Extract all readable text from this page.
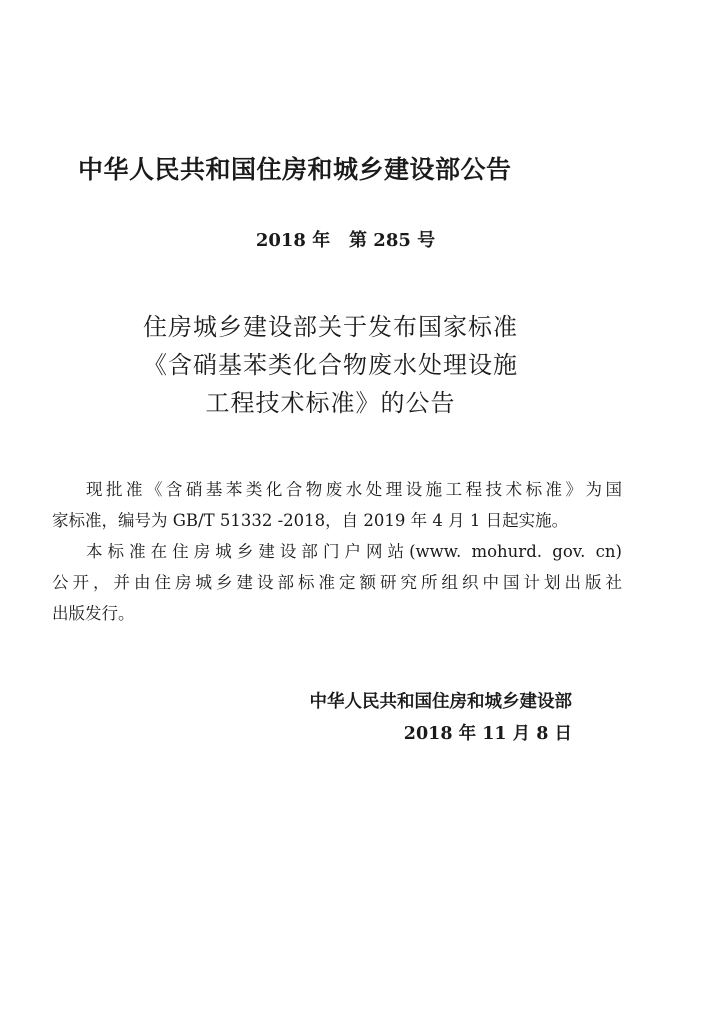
中华人民共和国住房和城乡建设部公告
2018 年   第 285 号
住房城乡建设部关于发布国家标准
《含硝基苯类化合物废水处理设施
工程技术标准》的公告
现批准《含硝基苯类化合物废水处理设施工程技术标准》为国
家标准，编号为 GB/T 51332 -2018，自 2019 年 4 月 1 日起实施。
本标准在住房城乡建设部门户网站(www. mohurd. gov. cn)
公开，并由住房城乡建设部标准定额研究所组织中国计划出版社
出版发行。
中华人民共和国住房和城乡建设部
2018 年 11 月 8 日
